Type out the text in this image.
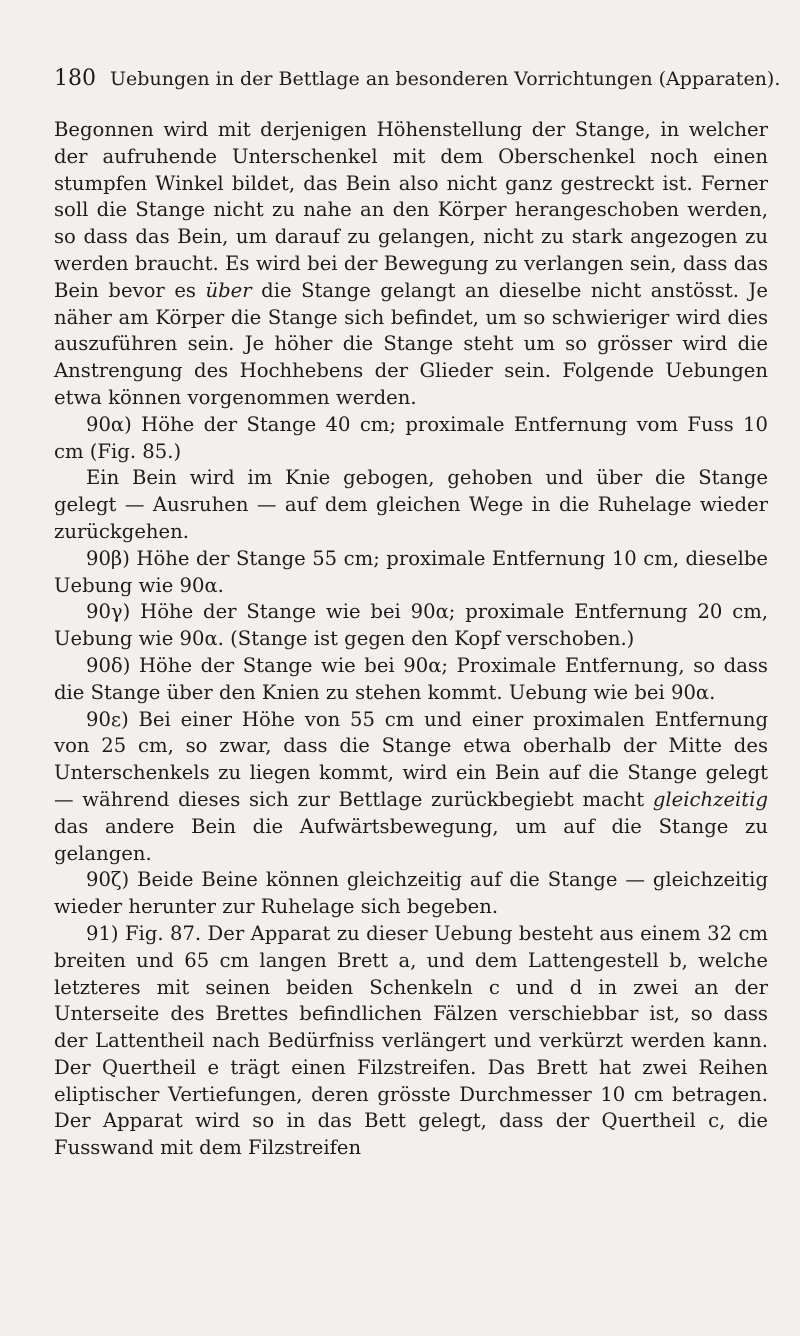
180 Uebungen in der Bettlage an besonderen Vorrichtungen (Apparaten).

Begonnen wird mit derjenigen Höhenstellung der Stange, in welcher der aufruhende Unterschenkel mit dem Oberschenkel noch einen stumpfen Winkel bildet, das Bein also nicht ganz gestreckt ist. Ferner soll die Stange nicht zu nahe an den Körper herangeschoben werden, so dass das Bein, um darauf zu gelangen, nicht zu stark angezogen zu werden braucht. Es wird bei der Bewegung zu verlangen sein, dass das Bein bevor es über die Stange gelangt an dieselbe nicht anstösst. Je näher am Körper die Stange sich befindet, um so schwieriger wird dies auszuführen sein. Je höher die Stange steht um so grösser wird die Anstrengung des Hochhebens der Glieder sein. Folgende Uebungen etwa können vorgenommen werden.

90α) Höhe der Stange 40 cm; proximale Entfernung vom Fuss 10 cm (Fig. 85.)

Ein Bein wird im Knie gebogen, gehoben und über die Stange gelegt — Ausruhen — auf dem gleichen Wege in die Ruhelage wieder zurückgehen.

90β) Höhe der Stange 55 cm; proximale Entfernung 10 cm, dieselbe Uebung wie 90α.

90γ) Höhe der Stange wie bei 90α; proximale Entfernung 20 cm, Uebung wie 90α. (Stange ist gegen den Kopf verschoben.)

90δ) Höhe der Stange wie bei 90α; Proximale Entfernung, so dass die Stange über den Knien zu stehen kommt. Uebung wie bei 90α.

90ε) Bei einer Höhe von 55 cm und einer proximalen Entfernung von 25 cm, so zwar, dass die Stange etwa oberhalb der Mitte des Unterschenkels zu liegen kommt, wird ein Bein auf die Stange gelegt — während dieses sich zur Bettlage zurückbegiebt macht gleichzeitig das andere Bein die Aufwärtsbewegung, um auf die Stange zu gelangen.

90ζ) Beide Beine können gleichzeitig auf die Stange — gleichzeitig wieder herunter zur Ruhelage sich begeben.

91) Fig. 87. Der Apparat zu dieser Uebung besteht aus einem 32 cm breiten und 65 cm langen Brett a, und dem Lattengestell b, welche letzteres mit seinen beiden Schenkeln c und d in zwei an der Unterseite des Brettes befindlichen Fälzen verschiebbar ist, so dass der Lattentheil nach Bedürfniss verlängert und verkürzt werden kann. Der Quertheil e trägt einen Filzstreifen. Das Brett hat zwei Reihen eliptischer Vertiefungen, deren grösste Durchmesser 10 cm betragen. Der Apparat wird so in das Bett gelegt, dass der Quertheil c, die Fusswand mit dem Filzstreifen
